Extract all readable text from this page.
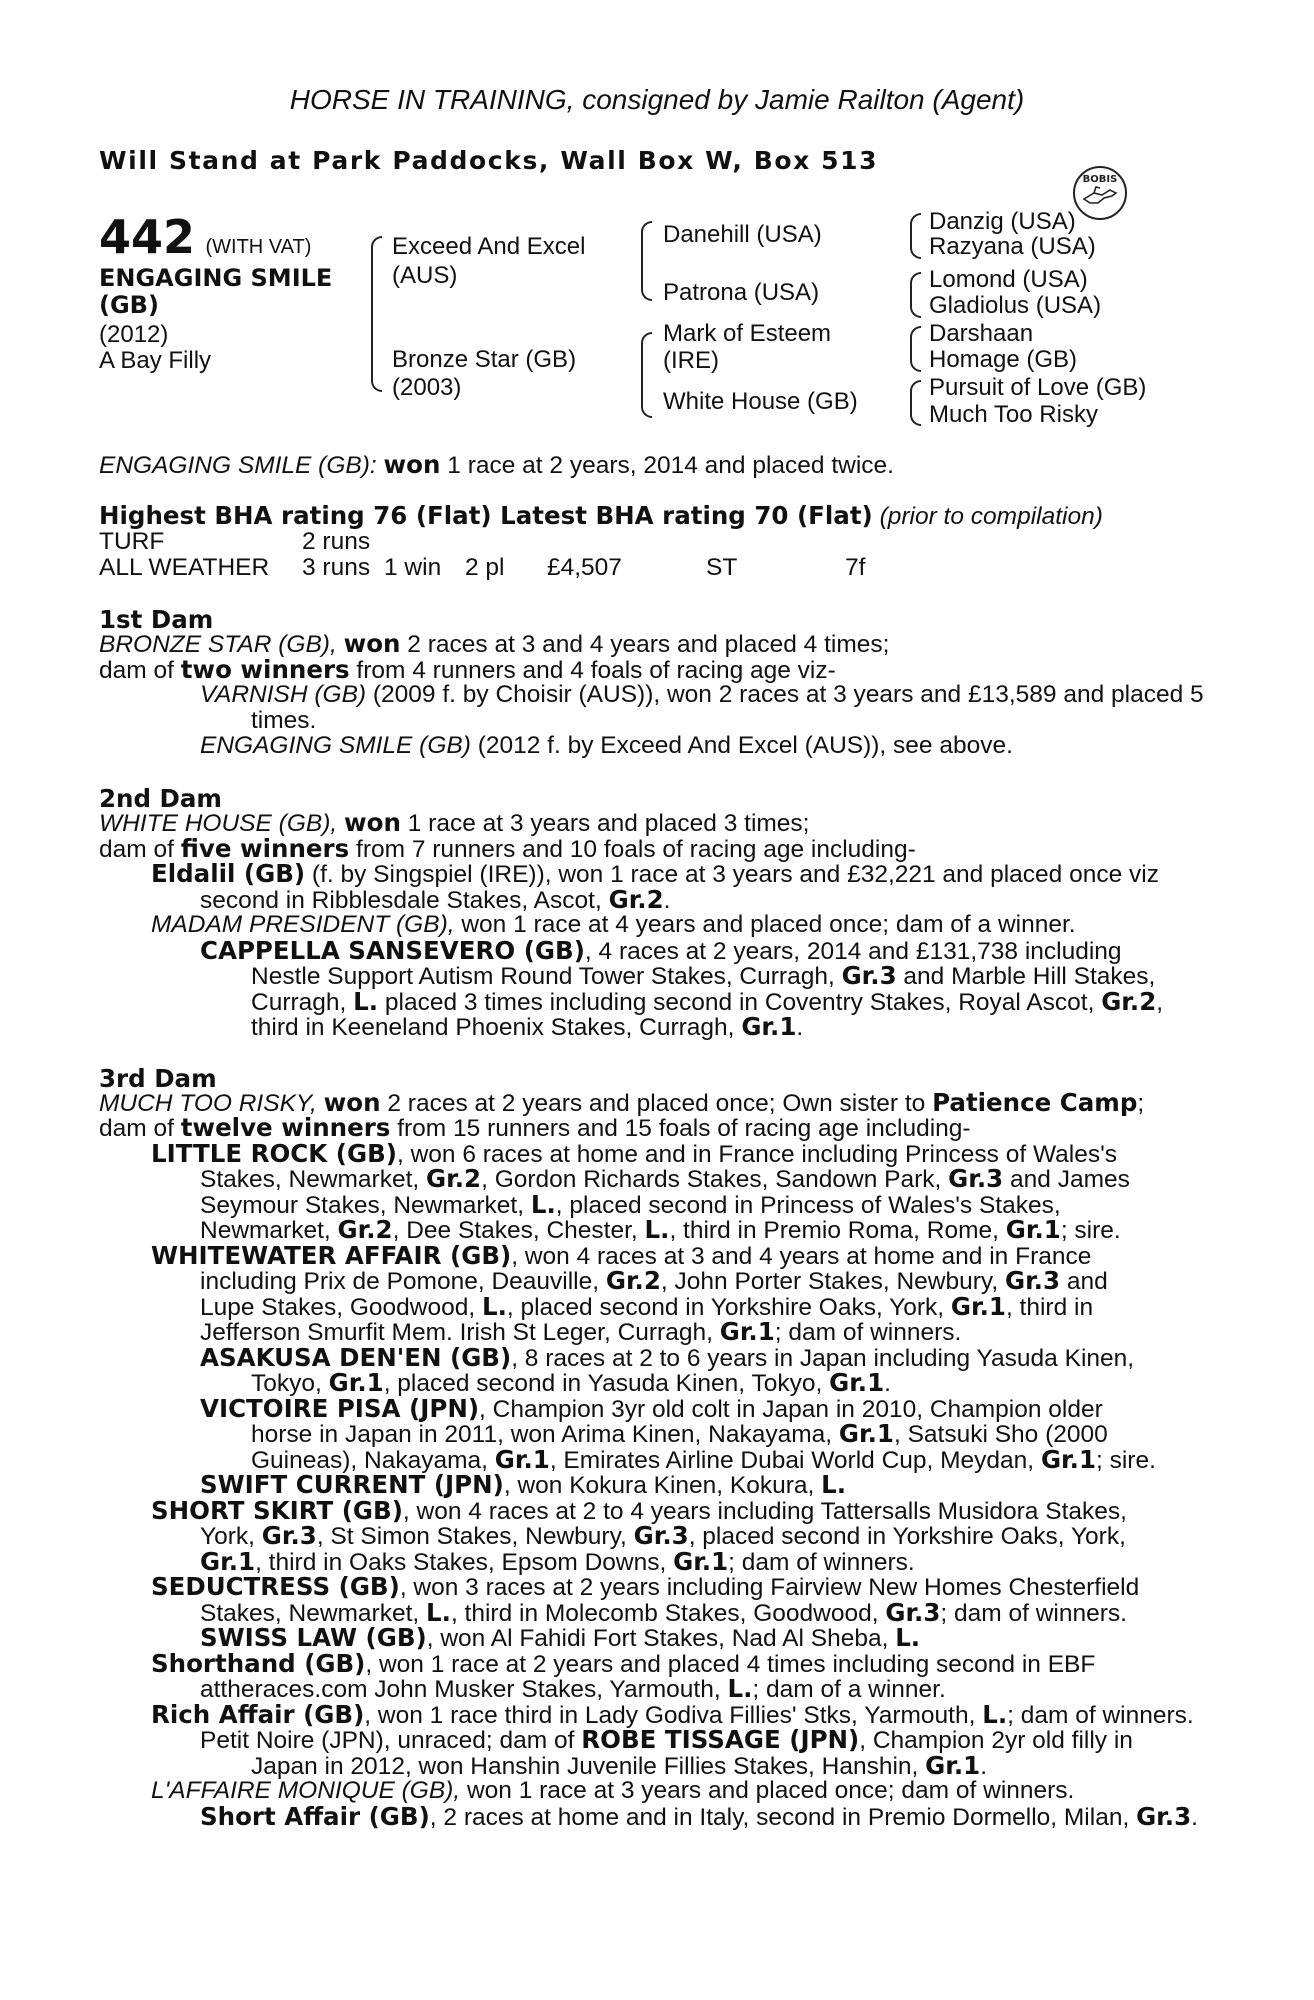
HORSE IN TRAINING, consigned by Jamie Railton (Agent)
Will Stand at Park Paddocks, Wall Box W, Box 513
BOBIS
442 (WITH VAT)
ENGAGING SMILE
(GB)
(2012)
A Bay Filly
Exceed And Excel
(AUS)
Bronze Star (GB)
(2003)
Danehill (USA)
Patrona (USA)
Mark of Esteem
(IRE)
White House (GB)
Danzig (USA)
Razyana (USA)
Lomond (USA)
Gladiolus (USA)
Darshaan
Homage (GB)
Pursuit of Love (GB)
Much Too Risky
ENGAGING SMILE (GB): won 1 race at 2 years, 2014 and placed twice.
Highest BHA rating 76 (Flat) Latest BHA rating 70 (Flat) (prior to compilation)
TURF	2 runs
ALL WEATHER 3 runs 1 win 2 pl £4,507	ST	7f
1st Dam
BRONZE STAR (GB), won 2 races at 3 and 4 years and placed 4 times;
dam of two winners from 4 runners and 4 foals of racing age viz-
VARNISH (GB) (2009 f. by Choisir (AUS)), won 2 races at 3 years and £13,589 and placed 5
times.
ENGAGING SMILE (GB) (2012 f. by Exceed And Excel (AUS)), see above.
2nd Dam
WHITE HOUSE (GB), won 1 race at 3 years and placed 3 times;
dam of five winners from 7 runners and 10 foals of racing age including-
Eldalil (GB) (f. by Singspiel (IRE)), won 1 race at 3 years and £32,221 and placed once viz
second in Ribblesdale Stakes, Ascot, Gr.2.
MADAM PRESIDENT (GB), won 1 race at 4 years and placed once; dam of a winner.
CAPPELLA SANSEVERO (GB), 4 races at 2 years, 2014 and £131,738 including
Nestle Support Autism Round Tower Stakes, Curragh, Gr.3 and Marble Hill Stakes,
Curragh, L. placed 3 times including second in Coventry Stakes, Royal Ascot, Gr.2,
third in Keeneland Phoenix Stakes, Curragh, Gr.1.
3rd Dam
MUCH TOO RISKY, won 2 races at 2 years and placed once; Own sister to Patience Camp;
dam of twelve winners from 15 runners and 15 foals of racing age including-
LITTLE ROCK (GB), won 6 races at home and in France including Princess of Wales's
Stakes, Newmarket, Gr.2, Gordon Richards Stakes, Sandown Park, Gr.3 and James
Seymour Stakes, Newmarket, L., placed second in Princess of Wales's Stakes,
Newmarket, Gr.2, Dee Stakes, Chester, L., third in Premio Roma, Rome, Gr.1; sire.
WHITEWATER AFFAIR (GB), won 4 races at 3 and 4 years at home and in France
including Prix de Pomone, Deauville, Gr.2, John Porter Stakes, Newbury, Gr.3 and
Lupe Stakes, Goodwood, L., placed second in Yorkshire Oaks, York, Gr.1, third in
Jefferson Smurfit Mem. Irish St Leger, Curragh, Gr.1; dam of winners.
ASAKUSA DEN'EN (GB), 8 races at 2 to 6 years in Japan including Yasuda Kinen,
Tokyo, Gr.1, placed second in Yasuda Kinen, Tokyo, Gr.1.
VICTOIRE PISA (JPN), Champion 3yr old colt in Japan in 2010, Champion older
horse in Japan in 2011, won Arima Kinen, Nakayama, Gr.1, Satsuki Sho (2000
Guineas), Nakayama, Gr.1, Emirates Airline Dubai World Cup, Meydan, Gr.1; sire.
SWIFT CURRENT (JPN), won Kokura Kinen, Kokura, L.
SHORT SKIRT (GB), won 4 races at 2 to 4 years including Tattersalls Musidora Stakes,
York, Gr.3, St Simon Stakes, Newbury, Gr.3, placed second in Yorkshire Oaks, York,
Gr.1, third in Oaks Stakes, Epsom Downs, Gr.1; dam of winners.
SEDUCTRESS (GB), won 3 races at 2 years including Fairview New Homes Chesterfield
Stakes, Newmarket, L., third in Molecomb Stakes, Goodwood, Gr.3; dam of winners.
SWISS LAW (GB), won Al Fahidi Fort Stakes, Nad Al Sheba, L.
Shorthand (GB), won 1 race at 2 years and placed 4 times including second in EBF
attheraces.com John Musker Stakes, Yarmouth, L.; dam of a winner.
Rich Affair (GB), won 1 race third in Lady Godiva Fillies' Stks, Yarmouth, L.; dam of winners.
Petit Noire (JPN), unraced; dam of ROBE TISSAGE (JPN), Champion 2yr old filly in
Japan in 2012, won Hanshin Juvenile Fillies Stakes, Hanshin, Gr.1.
L'AFFAIRE MONIQUE (GB), won 1 race at 3 years and placed once; dam of winners.
Short Affair (GB), 2 races at home and in Italy, second in Premio Dormello, Milan, Gr.3.
